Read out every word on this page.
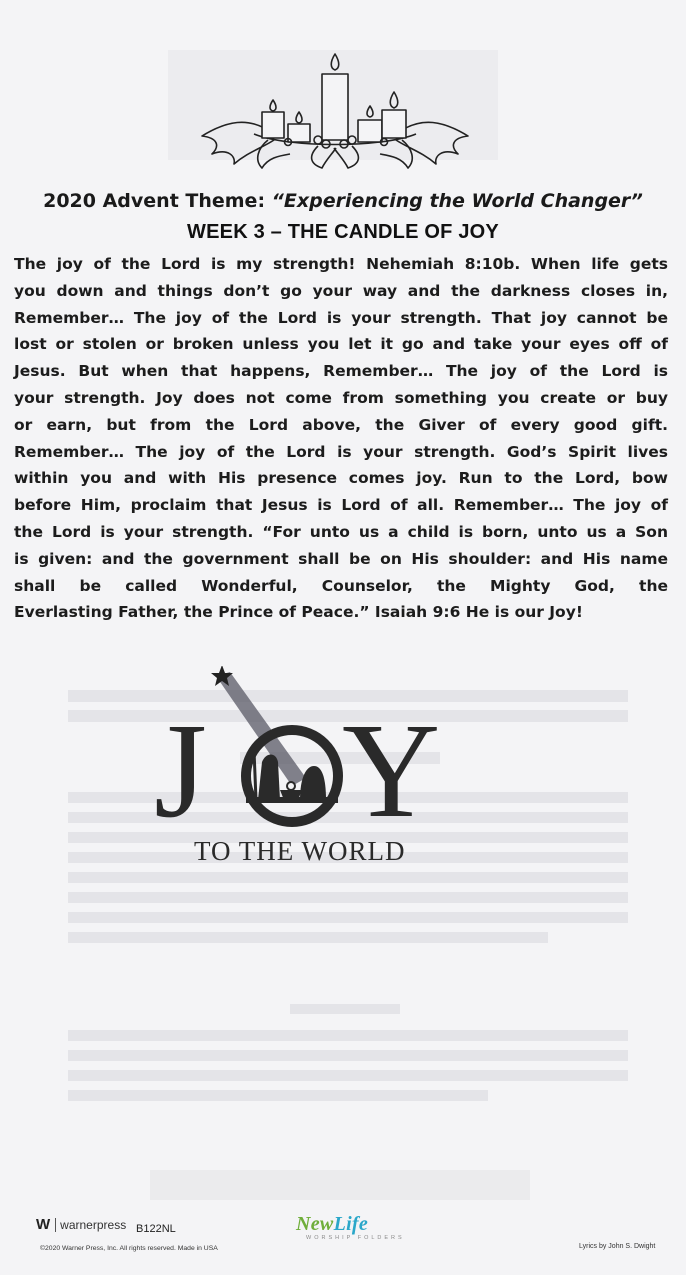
2020 Advent Theme: “Experiencing the World Changer”
WEEK 3 – THE CANDLE OF JOY
The joy of the Lord is my strength! Nehemiah 8:10b. When life gets
you down and things don’t go your way and the darkness closes in,
Remember… The joy of the Lord is your strength. That joy cannot be
lost or stolen or broken unless you let it go and take your eyes off of
Jesus. But when that happens, Remember… The joy of the Lord is
your strength. Joy does not come from something you create or buy
or earn, but from the Lord above, the Giver of every good gift.
Remember… The joy of the Lord is your strength. God’s Spirit lives
within you and with His presence comes joy. Run to the Lord, bow
before Him, proclaim that Jesus is Lord of all. Remember… The joy of
the Lord is your strength. “For unto us a child is born, unto us a Son
is given: and the government shall be on His shoulder: and His name
shall be called Wonderful, Counselor, the Mighty God, the
Everlasting Father, the Prince of Peace.” Isaiah 9:6 He is our Joy!
J Y
TO THE WORLD
W warnerpress B122NL
©2020 Warner Press, Inc. All rights reserved. Made in USA
NewLife
WORSHIP FOLDERS
Lyrics by John S. Dwight
